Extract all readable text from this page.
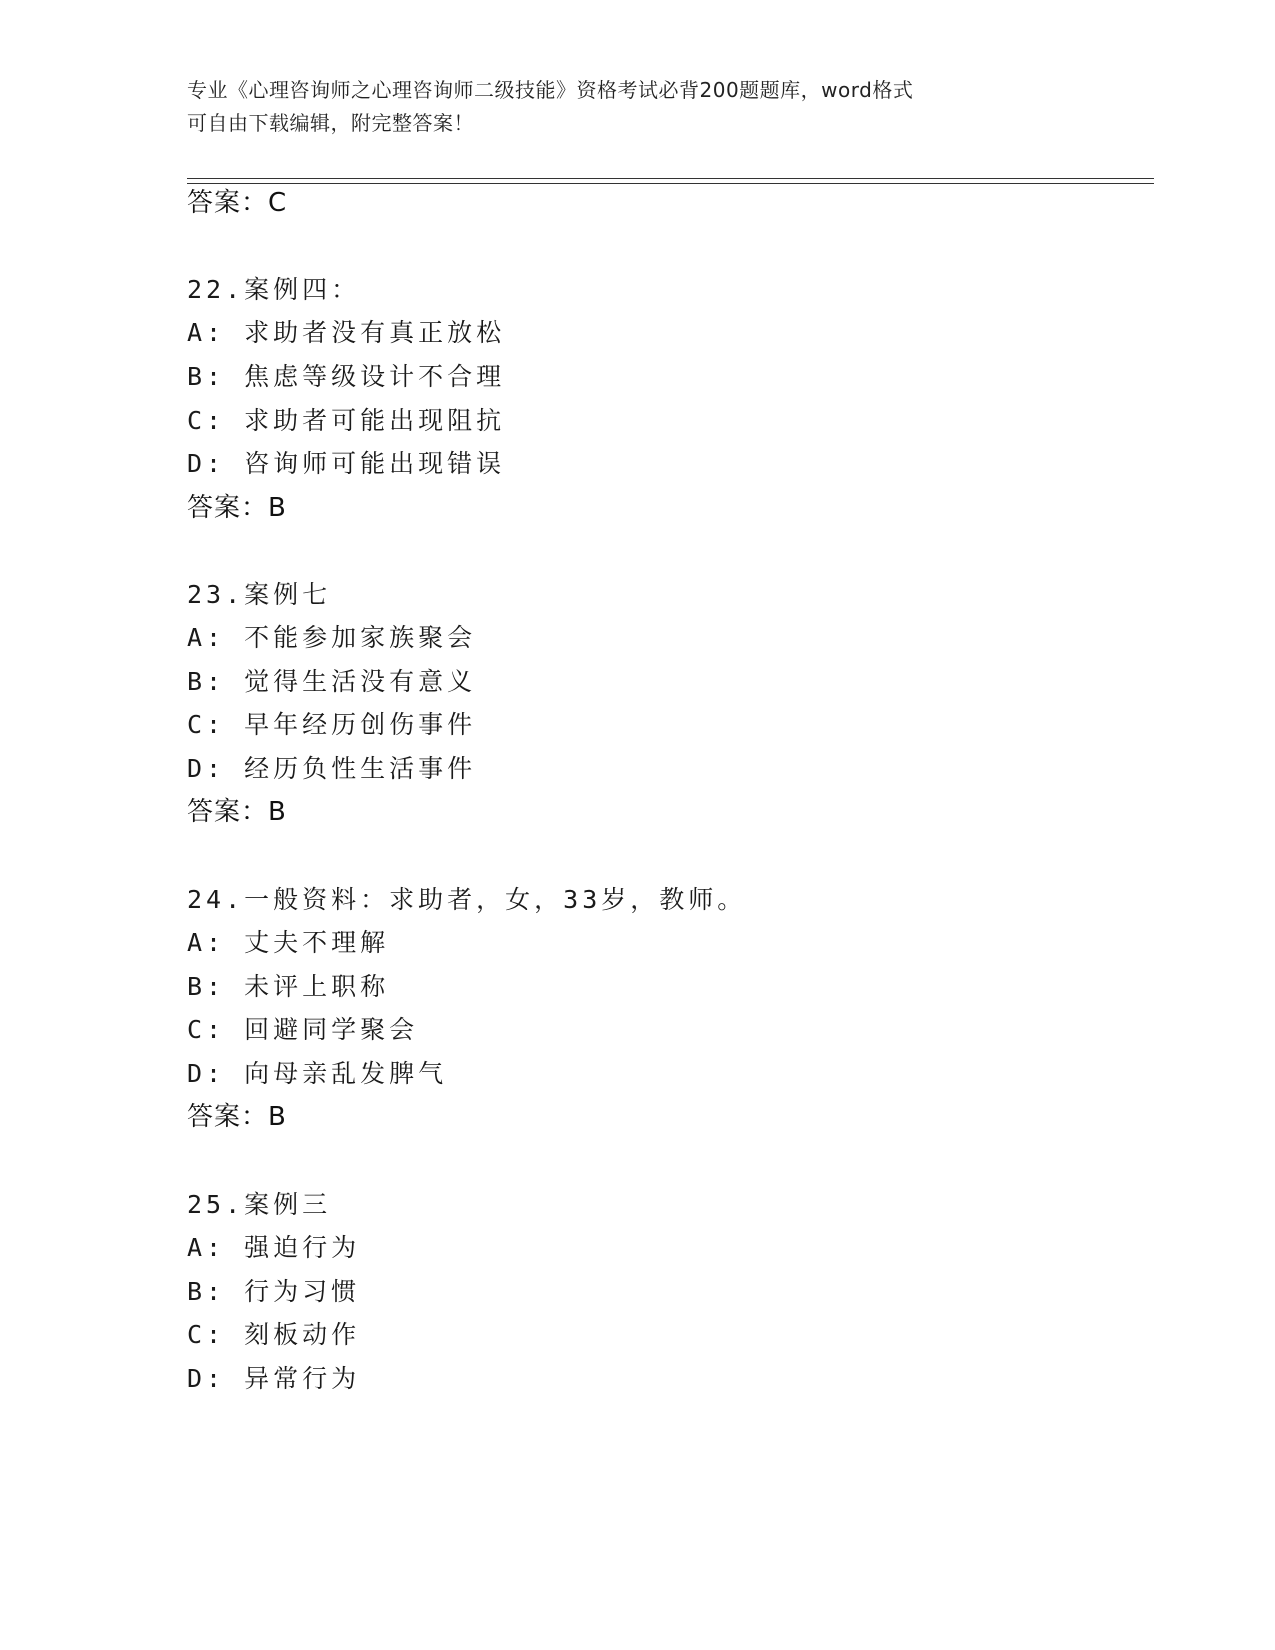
专业《心理咨询师之心理咨询师二级技能》资格考试必背200题题库，word格式
可自由下载编辑，附完整答案！
答案：C
22.案例四：
A: 求助者没有真正放松
B: 焦虑等级设计不合理
C: 求助者可能出现阻抗
D: 咨询师可能出现错误
答案：B
23.案例七
A: 不能参加家族聚会
B: 觉得生活没有意义
C: 早年经历创伤事件
D: 经历负性生活事件
答案：B
24.一般资料：求助者，女，33岁，教师。
A: 丈夫不理解
B: 未评上职称
C: 回避同学聚会
D: 向母亲乱发脾气
答案：B
25.案例三
A: 强迫行为
B: 行为习惯
C: 刻板动作
D: 异常行为
